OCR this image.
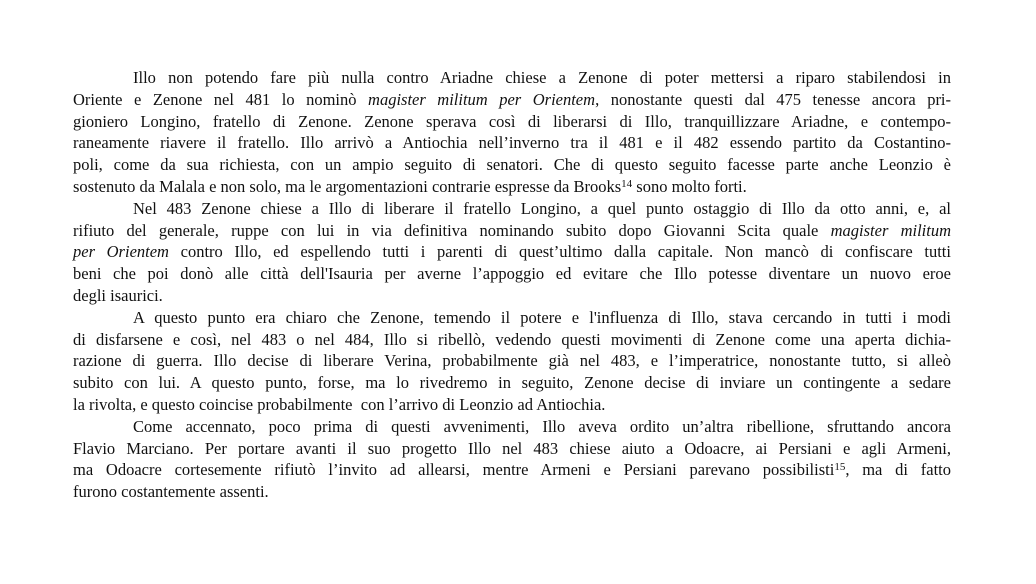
Illo non potendo fare più nulla contro Ariadne chiese a Zenone di poter mettersi a riparo stabilendosi in
Oriente e Zenone nel 481 lo nominò magister militum per Orientem, nonostante questi dal 475 tenesse ancora pri-
gioniero Longino, fratello di Zenone. Zenone sperava così di liberarsi di Illo, tranquillizzare Ariadne, e contempo-
raneamente riavere il fratello. Illo arrivò a Antiochia nell’inverno tra il 481 e il 482 essendo partito da Costantino-
poli, come da sua richiesta, con un ampio seguito di senatori. Che di questo seguito facesse parte anche Leonzio è
sostenuto da Malala e non solo, ma le argomentazioni contrarie espresse da Brooks$^{14}$ sono molto forti.
Nel 483 Zenone chiese a Illo di liberare il fratello Longino, a quel punto ostaggio di Illo da otto anni, e, al
rifiuto del generale, ruppe con lui in via definitiva nominando subito dopo Giovanni Scita quale magister militum
per Orientem contro Illo, ed espellendo tutti i parenti di quest’ultimo dalla capitale. Non mancò di confiscare tutti
beni che poi donò alle città dell'Isauria per averne l’appoggio ed evitare che Illo potesse diventare un nuovo eroe
degli isaurici.
A questo punto era chiaro che Zenone, temendo il potere e l'influenza di Illo, stava cercando in tutti i modi
di disfarsene e così, nel 483 o nel 484, Illo si ribellò, vedendo questi movimenti di Zenone come una aperta dichia-
razione di guerra. Illo decise di liberare Verina, probabilmente già nel 483, e l’imperatrice, nonostante tutto, si alleò
subito con lui. A questo punto, forse, ma lo rivedremo in seguito, Zenone decise di inviare un contingente a sedare
la rivolta, e questo coincise probabilmente  con l’arrivo di Leonzio ad Antiochia.
Come accennato, poco prima di questi avvenimenti, Illo aveva ordito un’altra ribellione, sfruttando ancora
Flavio Marciano. Per portare avanti il suo progetto Illo nel 483 chiese aiuto a Odoacre, ai Persiani e agli Armeni,
ma Odoacre cortesemente rifiutò l’invito ad allearsi, mentre Armeni e Persiani parevano possibilisti$^{15}$, ma di fatto
furono costantemente assenti.
